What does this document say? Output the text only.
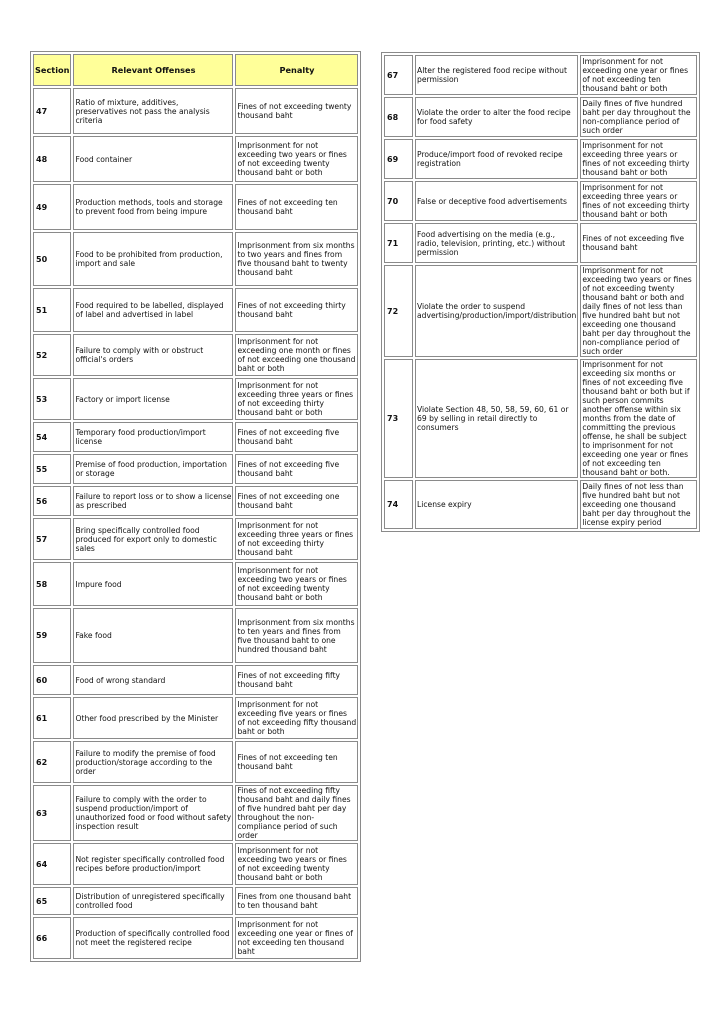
Section	Relevant Offenses	Penalty
47	Ratio of mixture, additives, preservatives not pass the analysis criteria	Fines of not exceeding twenty thousand baht
48	Food container	Imprisonment for not exceeding two years or fines of not exceeding twenty thousand baht or both
49	Production methods, tools and storage to prevent food from being impure	Fines of not exceeding ten thousand baht
50	Food to be prohibited from production, import and sale	Imprisonment from six months to two years and fines from five thousand baht to twenty thousand baht
51	Food required to be labelled, displayed of label and advertised in label	Fines of not exceeding thirty thousand baht
52	Failure to comply with or obstruct official's orders	Imprisonment for not exceeding one month or fines of not exceeding one thousand baht or both
53	Factory or import license	Imprisonment for not exceeding three years or fines of not exceeding thirty thousand baht or both
54	Temporary food production/import license	Fines of not exceeding five thousand baht
55	Premise of food production, importation or storage	Fines of not exceeding five thousand baht
56	Failure to report loss or to show a license as prescribed	Fines of not exceeding one thousand baht
57	Bring specifically controlled food produced for export only to domestic sales	Imprisonment for not exceeding three years or fines of not exceeding thirty thousand baht
58	Impure food	Imprisonment for not exceeding two years or fines of not exceeding twenty thousand baht or both
59	Fake food	Imprisonment from six months to ten years and fines from five thousand baht to one hundred thousand baht
60	Food of wrong standard	Fines of not exceeding fifty thousand baht
61	Other food prescribed by the Minister	Imprisonment for not exceeding five years or fines of not exceeding fifty thousand baht or both
62	Failure to modify the premise of food production/storage according to the order	Fines of not exceeding ten thousand baht
63	Failure to comply with the order to suspend production/import of unauthorized food or food without safety inspection result	Fines of not exceeding fifty thousand baht and daily fines of five hundred baht per day throughout the non-compliance period of such order
64	Not register specifically controlled food recipes before production/import	Imprisonment for not exceeding two years or fines of not exceeding twenty thousand baht or both
65	Distribution of unregistered specifically controlled food	Fines from one thousand baht to ten thousand baht
66	Production of specifically controlled food not meet the registered recipe	Imprisonment for not exceeding one year or fines of not exceeding ten thousand baht
67	Alter the registered food recipe without permission	Imprisonment for not exceeding one year or fines of not exceeding ten thousand baht or both
68	Violate the order to alter the food recipe for food safety	Daily fines of five hundred baht per day throughout the non-compliance period of such order
69	Produce/import food of revoked recipe registration	Imprisonment for not exceeding three years or fines of not exceeding thirty thousand baht or both
70	False or deceptive food advertisements	Imprisonment for not exceeding three years or fines of not exceeding thirty thousand baht or both
71	Food advertising on the media (e.g., radio, television, printing, etc.) without permission	Fines of not exceeding five thousand baht
72	Violate the order to suspend advertising/production/import/distribution	Imprisonment for not exceeding two years or fines of not exceeding twenty thousand baht or both and daily fines of not less than five hundred baht but not exceeding one thousand baht per day throughout the non-compliance period of such order
73	Violate Section 48, 50, 58, 59, 60, 61 or 69 by selling in retail directly to consumers	Imprisonment for not exceeding six months or fines of not exceeding five thousand baht or both but if such person commits another offense within six months from the date of committing the previous offense, he shall be subject to imprisonment for not exceeding one year or fines of not exceeding ten thousand baht or both.
74	License expiry	Daily fines of not less than five hundred baht but not exceeding one thousand baht per day throughout the license expiry period
